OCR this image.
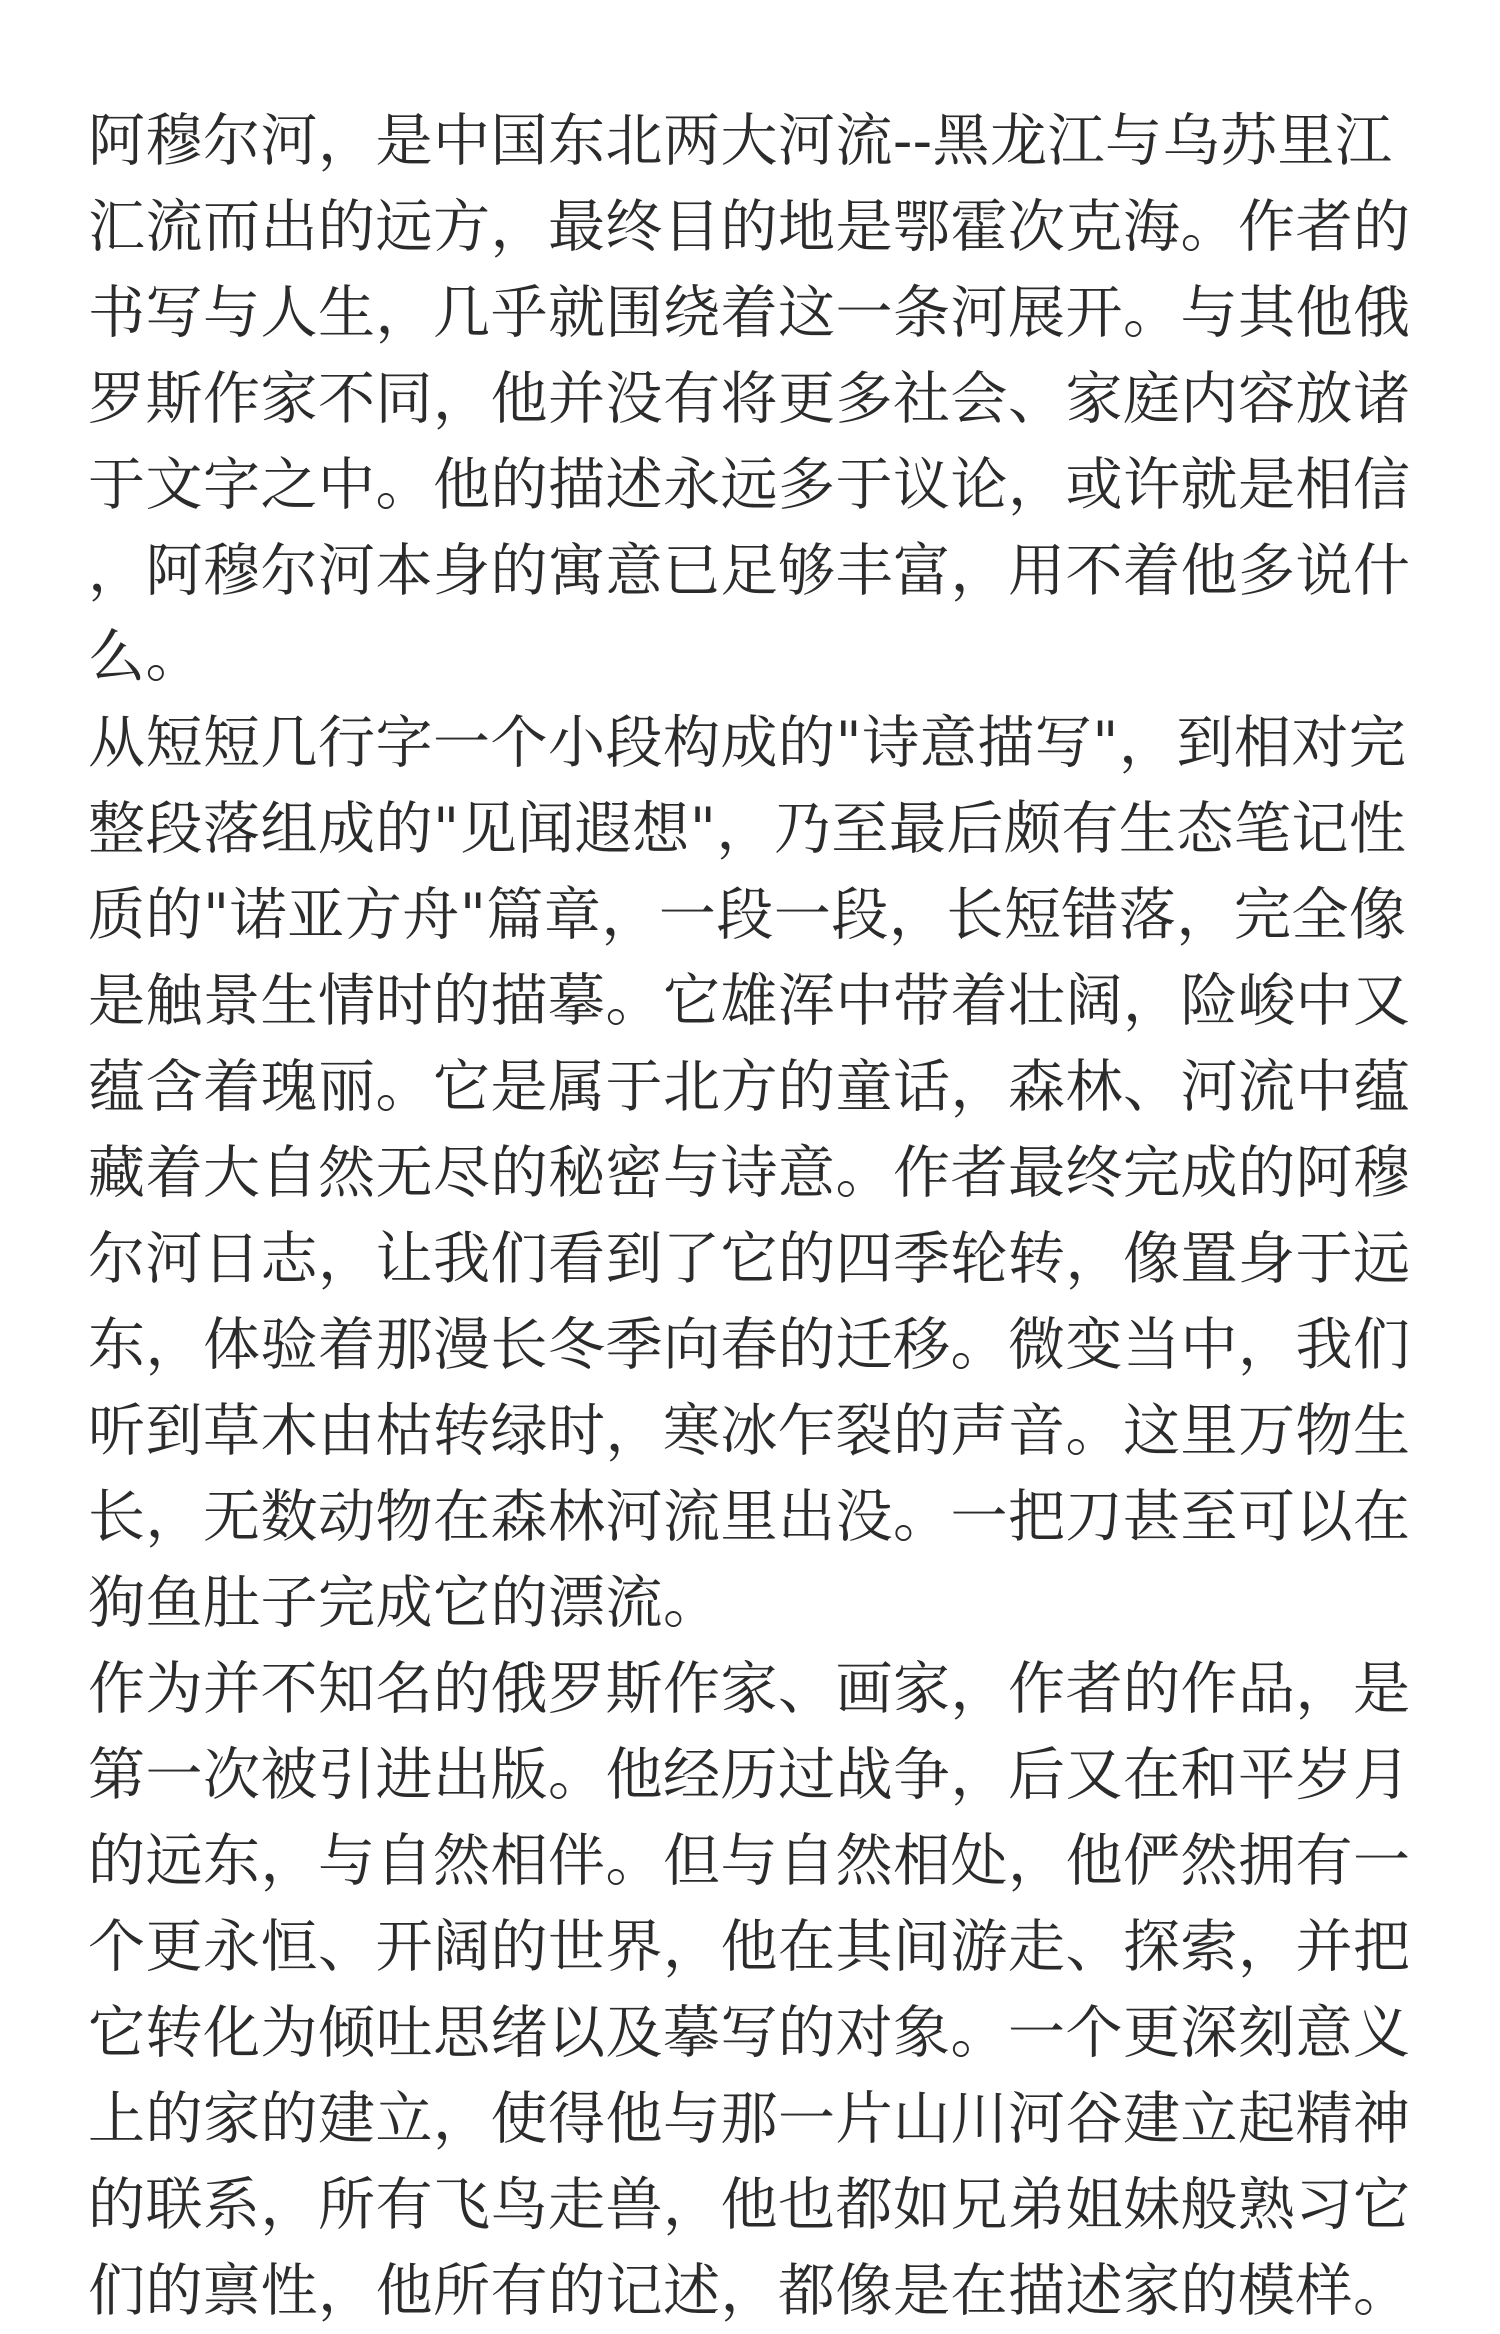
阿穆尔河，是中国东北两大河流--黑龙江与乌苏里江
汇流而出的远方，最终目的地是鄂霍次克海。作者的
书写与人生，几乎就围绕着这一条河展开。与其他俄
罗斯作家不同，他并没有将更多社会、家庭内容放诸
于文字之中。他的描述永远多于议论，或许就是相信
，阿穆尔河本身的寓意已足够丰富，用不着他多说什
么。
从短短几行字一个小段构成的"诗意描写"，到相对完
整段落组成的"见闻遐想"，乃至最后颇有生态笔记性
质的"诺亚方舟"篇章，一段一段，长短错落，完全像
是触景生情时的描摹。它雄浑中带着壮阔，险峻中又
蕴含着瑰丽。它是属于北方的童话，森林、河流中蕴
藏着大自然无尽的秘密与诗意。作者最终完成的阿穆
尔河日志，让我们看到了它的四季轮转，像置身于远
东，体验着那漫长冬季向春的迁移。微变当中，我们
听到草木由枯转绿时，寒冰乍裂的声音。这里万物生
长，无数动物在森林河流里出没。一把刀甚至可以在
狗鱼肚子完成它的漂流。
作为并不知名的俄罗斯作家、画家，作者的作品，是
第一次被引进出版。他经历过战争，后又在和平岁月
的远东，与自然相伴。但与自然相处，他俨然拥有一
个更永恒、开阔的世界，他在其间游走、探索，并把
它转化为倾吐思绪以及摹写的对象。一个更深刻意义
上的家的建立，使得他与那一片山川河谷建立起精神
的联系，所有飞鸟走兽，他也都如兄弟姐妹般熟习它
们的禀性，他所有的记述，都像是在描述家的模样。
